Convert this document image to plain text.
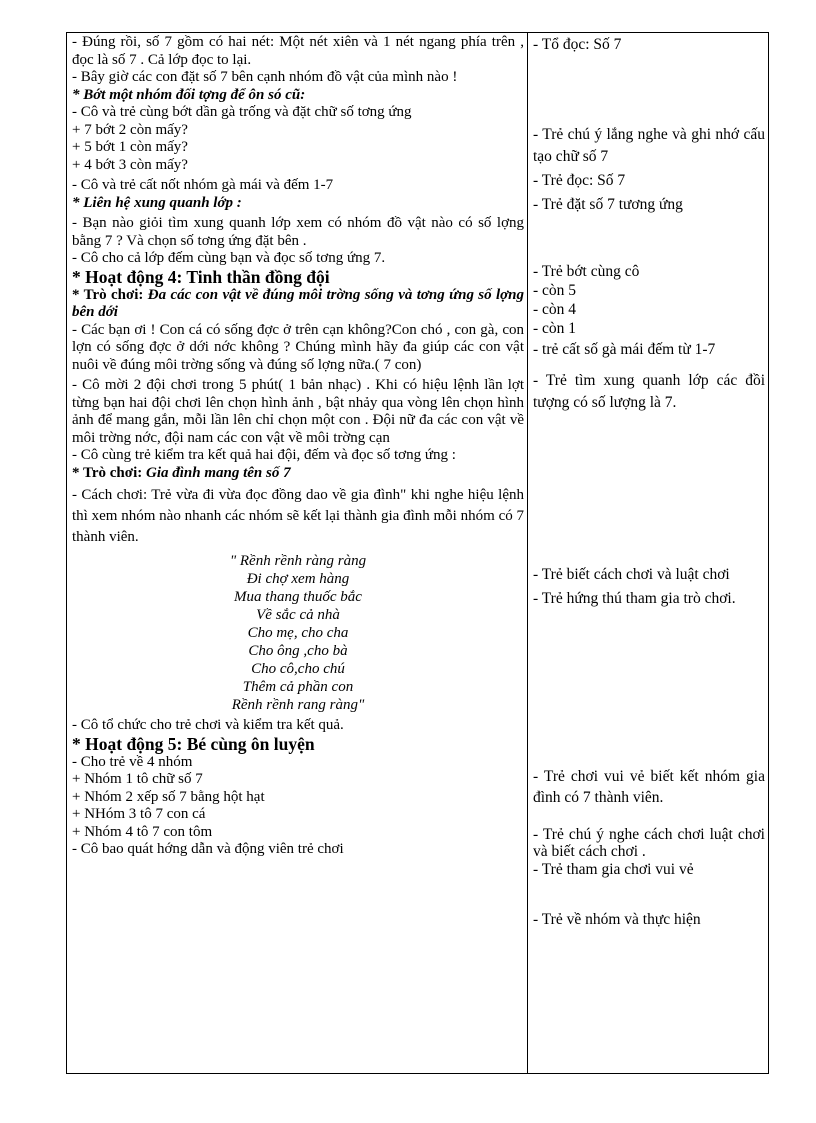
- Đúng rồi, số 7 gồm có hai nét: Một nét xiên và 1 nét ngang phía trên , đọc là số 7 . Cả lớp đọc to lại.

- Bây giờ các con đặt số 7 bên cạnh nhóm đồ vật của mình nào !

* Bớt một nhóm đối tợng để ôn só cũ:

- Cô và trẻ cùng bớt dần gà trống và đặt chữ số tơng ứng

+ 7 bớt 2 còn mấy?

+ 5 bớt 1 còn mấy?

+ 4 bớt 3 còn mấy?

- Cô và trẻ cất nốt nhóm gà mái và đếm 1-7

* Liên hệ xung quanh lớp :

- Bạn nào giỏi tìm xung quanh lớp xem có nhóm đồ vật nào có số lợng bằng 7 ? Và chọn số tơng ứng đặt bên .

- Cô cho cả lớp đếm cùng bạn và đọc số tơng ứng 7.

* Hoạt động 4: Tinh thần đồng đội

* Trò chơi: Đa các con vật về đúng môi trờng sống và tơng ứng số lợng bên dới

- Các bạn ơi ! Con cá có sống đợc ở trên cạn không?Con chó , con gà, con lợn có sống đợc ở dới nớc không ? Chúng mình hãy đa giúp các con vật nuôi về đúng môi trờng sống và đúng số lợng nữa.( 7 con)

- Cô mời 2 đội chơi trong 5 phút( 1 bản nhạc) . Khi có hiệu lệnh lần lợt từng bạn hai đội chơi lên chọn hình ảnh , bật nhảy qua vòng lên chọn hình ảnh để mang gắn, mỗi lần lên chỉ chọn một con . Đội nữ đa các con vật về môi trờng nớc, đội nam các con vật về môi trờng cạn

- Cô cùng trẻ kiểm tra kết quả hai đội, đếm và đọc số tơng ứng :

* Trò chơi: Gia đình mang tên số 7

- Cách chơi: Trẻ vừa đi vừa đọc đồng dao về gia đình" khi nghe hiệu lệnh thì xem nhóm nào nhanh các nhóm sẽ kết lại thành gia đình mỗi nhóm có 7 thành viên.

" Rềnh rềnh ràng ràng
Đi chợ xem hàng
Mua thang thuốc bắc
Về sắc cả nhà
Cho mẹ, cho cha
Cho ông ,cho bà
Cho cô,cho chú
Thêm cả phần con
Rềnh rềnh rang ràng"

- Cô tổ chức cho trẻ chơi và kiểm tra kết quả.

* Hoạt động 5: Bé cùng ôn luyện

- Cho trẻ về 4 nhóm

+ Nhóm 1 tô chữ số 7

+ Nhóm 2 xếp số 7 bằng hột hạt

+ NHóm 3 tô 7 con cá

+ Nhóm 4 tô 7 con tôm

- Cô bao quát hớng dẫn và động viên trẻ chơi

- Tổ đọc: Số 7

- Trẻ chú ý lắng nghe và ghi nhớ cấu tạo chữ số 7

- Trẻ đọc: Số 7

- Trẻ đặt số 7 tương ứng

- Trẻ bớt cùng cô

- còn 5

- còn 4

- còn 1

- trẻ cất số gà mái đếm từ 1-7

- Trẻ tìm xung quanh lớp các đồi tượng có số lượng là 7.

- Trẻ biết cách chơi và luật chơi

- Trẻ hứng thú tham gia trò chơi.

- Trẻ chơi vui vẻ biết kết nhóm gia đình có 7 thành viên.

- Trẻ chú ý nghe cách chơi luật chơi và biết cách chơi .

- Trẻ tham gia chơi vui vẻ

- Trẻ về nhóm và thực hiện
